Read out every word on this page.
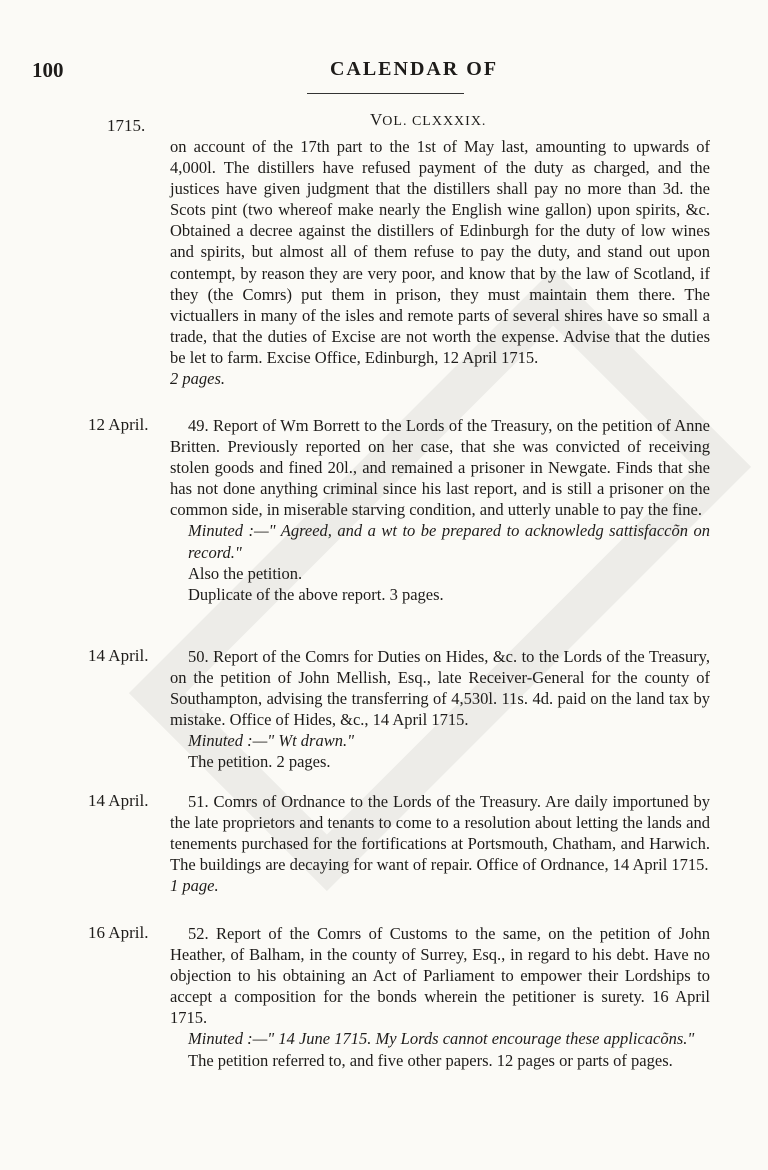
100	CALENDAR OF
1715.	VOL. CLXXXIX.

on account of the 17th part to the 1st of May last, amounting to upwards of 4,000l. The distillers have refused payment of the duty as charged, and the justices have given judgment that the distillers shall pay no more than 3d. the Scots pint (two whereof make nearly the English wine gallon) upon spirits, &c. Obtained a decree against the distillers of Edinburgh for the duty of low wines and spirits, but almost all of them refuse to pay the duty, and stand out upon contempt, by reason they are very poor, and know that by the law of Scotland, if they (the Comrs) put them in prison, they must maintain them there. The victuallers in many of the isles and remote parts of several shires have so small a trade, that the duties of Excise are not worth the expense. Advise that the duties be let to farm. Excise Office, Edinburgh, 12 April 1715.

2 pages.

12 April.	49. Report of Wm Borrett to the Lords of the Treasury, on the petition of Anne Britten. Previously reported on her case, that she was convicted of receiving stolen goods and fined 20l., and remained a prisoner in Newgate. Finds that she has not done anything criminal since his last report, and is still a prisoner on the common side, in miserable starving condition, and utterly unable to pay the fine.

Minuted :—" Agreed, and a wt to be prepared to acknowledg sattisfaccõn on record."

Also the petition.

Duplicate of the above report. 3 pages.

14 April.	50. Report of the Comrs for Duties on Hides, &c. to the Lords of the Treasury, on the petition of John Mellish, Esq., late Receiver-General for the county of Southampton, advising the transferring of 4,530l. 11s. 4d. paid on the land tax by mistake. Office of Hides, &c., 14 April 1715.

Minuted :—" Wt drawn."

The petition. 2 pages.

14 April.	51. Comrs of Ordnance to the Lords of the Treasury. Are daily importuned by the late proprietors and tenants to come to a resolution about letting the lands and tenements purchased for the fortifications at Portsmouth, Chatham, and Harwich. The buildings are decaying for want of repair. Office of Ordnance, 14 April 1715.

1 page.

16 April.	52. Report of the Comrs of Customs to the same, on the petition of John Heather, of Balham, in the county of Surrey, Esq., in regard to his debt. Have no objection to his obtaining an Act of Parliament to empower their Lordships to accept a composition for the bonds wherein the petitioner is surety. 16 April 1715.

Minuted :—" 14 June 1715. My Lords cannot encourage these applicacõns."

The petition referred to, and five other papers. 12 pages or parts of pages.
